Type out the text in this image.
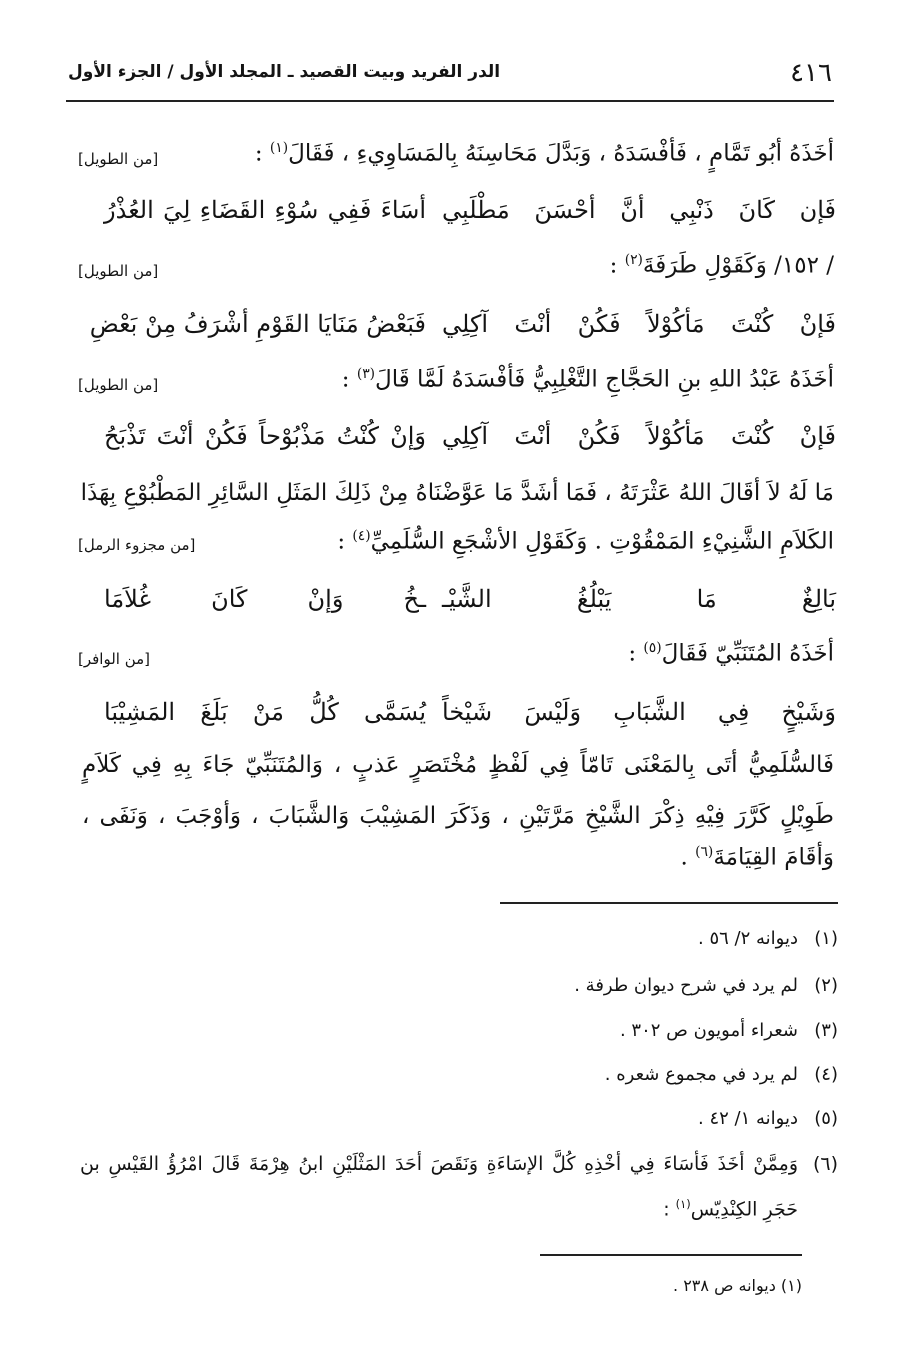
٤١٦
الدر الفريد وبيت القصيد ـ المجلد الأول / الجزء الأول
أخَذَهُ أبُو تَمَّامٍ ، فَأفْسَدَهُ ، وَبَدَّلَ مَحَاسِنَهُ بِالمَسَاوِيءِ ، فَقَالَ$^{(١)}$ :
[من الطويل]
فَإن كَانَ ذَنْبِي أنَّ أحْسَنَ مَطْلَبِي
أسَاءَ فَفِي سُوْءِ القَضَاءِ لِيَ العُذْرُ
/ ١٥٢/ وَكَقَوْلِ طَرَفَةَ$^{(٢)}$ :
[من الطويل]
فَإنْ كُنْتَ مَأكُوْلاً فَكُنْ أنْتَ آكِلِي
فَبَعْضُ مَنَايَا القَوْمِ أشْرَفُ مِنْ بَعْضِ
أخَذَهُ عَبْدُ اللهِ بنِ الحَجَّاجِ التَّغْلِبِيُّ فَأفْسَدَهُ لَمَّا قَالَ$^{(٣)}$ :
[من الطويل]
فَإنْ كُنْتَ مَأكُوْلاً فَكُنْ أنْتَ آكِلِي
وَإنْ كُنْتُ مَذْبُوْحاً فَكُنْ أنْتَ تَذْبَحُ
مَا لَهُ لاَ أقَالَ اللهُ عَثْرَتَهُ ، فَمَا أشَدَّ مَا عَوَّضْنَاهُ مِنْ ذَلِكَ المَثَلِ السَّائِرِ المَطْبُوْعِ بِهَذَا
الكَلاَمِ الشَّنِيْءِ المَمْقُوْتِ . وَكَقَوْلِ الأشْجَعِ السُّلَمِيِّ$^{(٤)}$ :
[من مجزوء الرمل]
بَالِغٌ مَا يَبْلُغُ الشَّيْـ
ـخُ وَإنْ كَانَ غُلاَمَا
أخَذَهُ المُتَنَبِّيّ فَقَالَ$^{(٥)}$ :
[من الوافر]
وَشَيْخٍ فِي الشَّبَابِ وَلَيْسَ شَيْخاً
يُسَمَّى كُلُّ مَنْ بَلَغَ المَشِيْبَا
فَالسُّلَمِيُّ أتَى بِالمَعْنَى تَامّاً فِي لَفْظٍ مُخْتَصَرٍ عَذبٍ ، وَالمُتَنَبِّيّ جَاءَ بِهِ فِي كَلاَمٍ
طَوِيْلٍ كَرَّرَ فِيْهِ ذِكْرَ الشَّيْخِ مَرَّتَيْنِ ، وَذَكَرَ المَشِيْبَ وَالشَّبَابَ ، وَأوْجَبَ ، وَنَفَى ،
وَأقَامَ القِيَامَةَ$^{(٦)}$ .
(١)ديوانه ٢/ ٥٦ .
(٢)لم يرد في شرح ديوان طرفة .
(٣)شعراء أمويون ص ٣٠٢ .
(٤)لم يرد في مجموع شعره .
(٥)ديوانه ١/ ٤٢ .
(٦)
وَمِمَّنْ أخَذَ فَأسَاءَ فِي أخْذِهِ كُلَّ الإسَاءَةِ وَنَقَصَ أحَدَ المَثْلَيْنِ ابنُ هِرْمَةَ قَالَ امْرُؤُ القَيْسِ بن حَجَرِ الكِنْدِيّس$^{(١)}$ :
(١) ديوانه ص ٢٣٨ .
